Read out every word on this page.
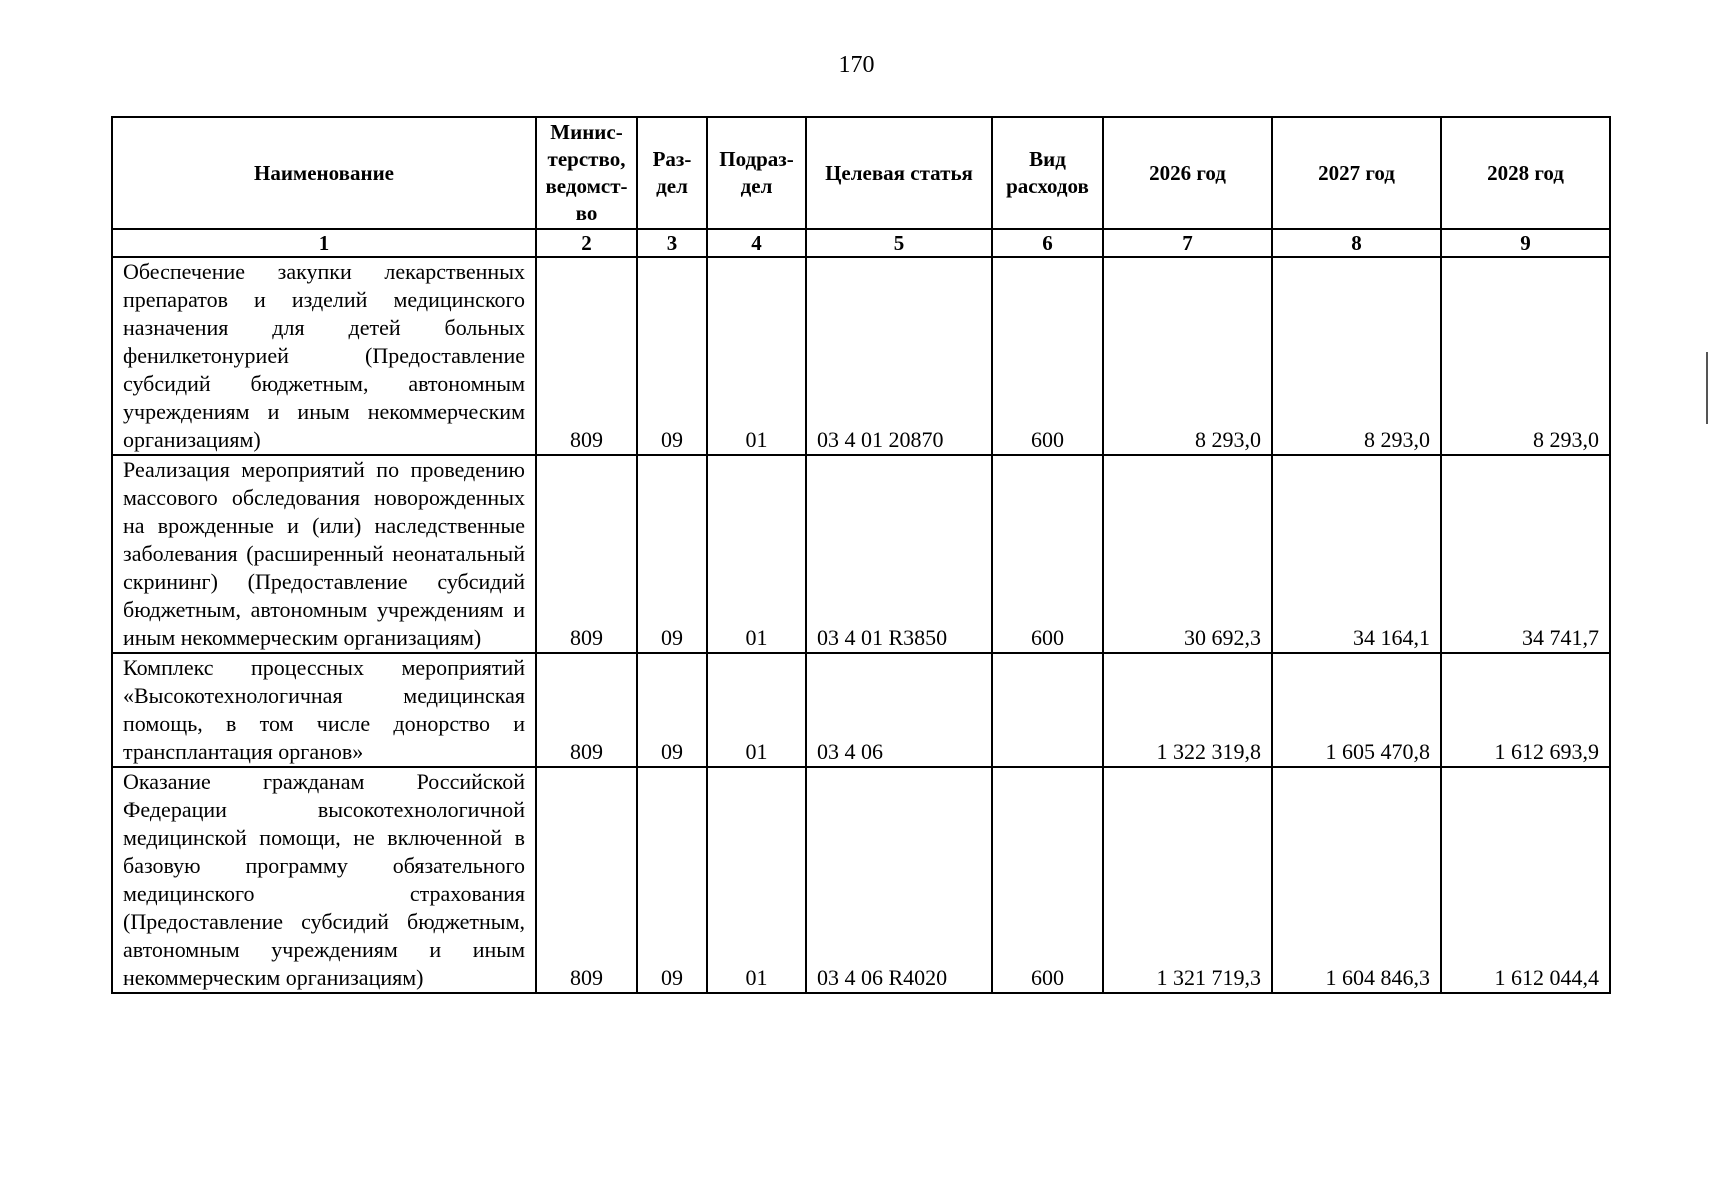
170
Наименование	Минис-терство, ведомст-во	Раз-дел	Подраз-дел	Целевая статья	Вид расходов	2026 год	2027 год	2028 год
1	2	3	4	5	6	7	8	9
Обеспечение закупки лекарственных препаратов и изделий медицинского назначения для детей больных фенилкетонурией (Предоставление субсидий бюджетным, автономным учреждениям и иным некоммерческим организациям)	809	09	01	03 4 01 20870	600	8 293,0	8 293,0	8 293,0
Реализация мероприятий по проведению массового обследования новорожденных на врожденные и (или) наследственные заболевания (расширенный неонатальный скрининг) (Предоставление субсидий бюджетным, автономным учреждениям и иным некоммерческим организациям)	809	09	01	03 4 01 R3850	600	30 692,3	34 164,1	34 741,7
Комплекс процессных мероприятий «Высокотехнологичная медицинская помощь, в том числе донорство и трансплантация органов»	809	09	01	03 4 06		1 322 319,8	1 605 470,8	1 612 693,9
Оказание гражданам Российской Федерации высокотехнологичной медицинской помощи, не включенной в базовую программу обязательного медицинского страхования (Предоставление субсидий бюджетным, автономным учреждениям и иным некоммерческим организациям)	809	09	01	03 4 06 R4020	600	1 321 719,3	1 604 846,3	1 612 044,4
